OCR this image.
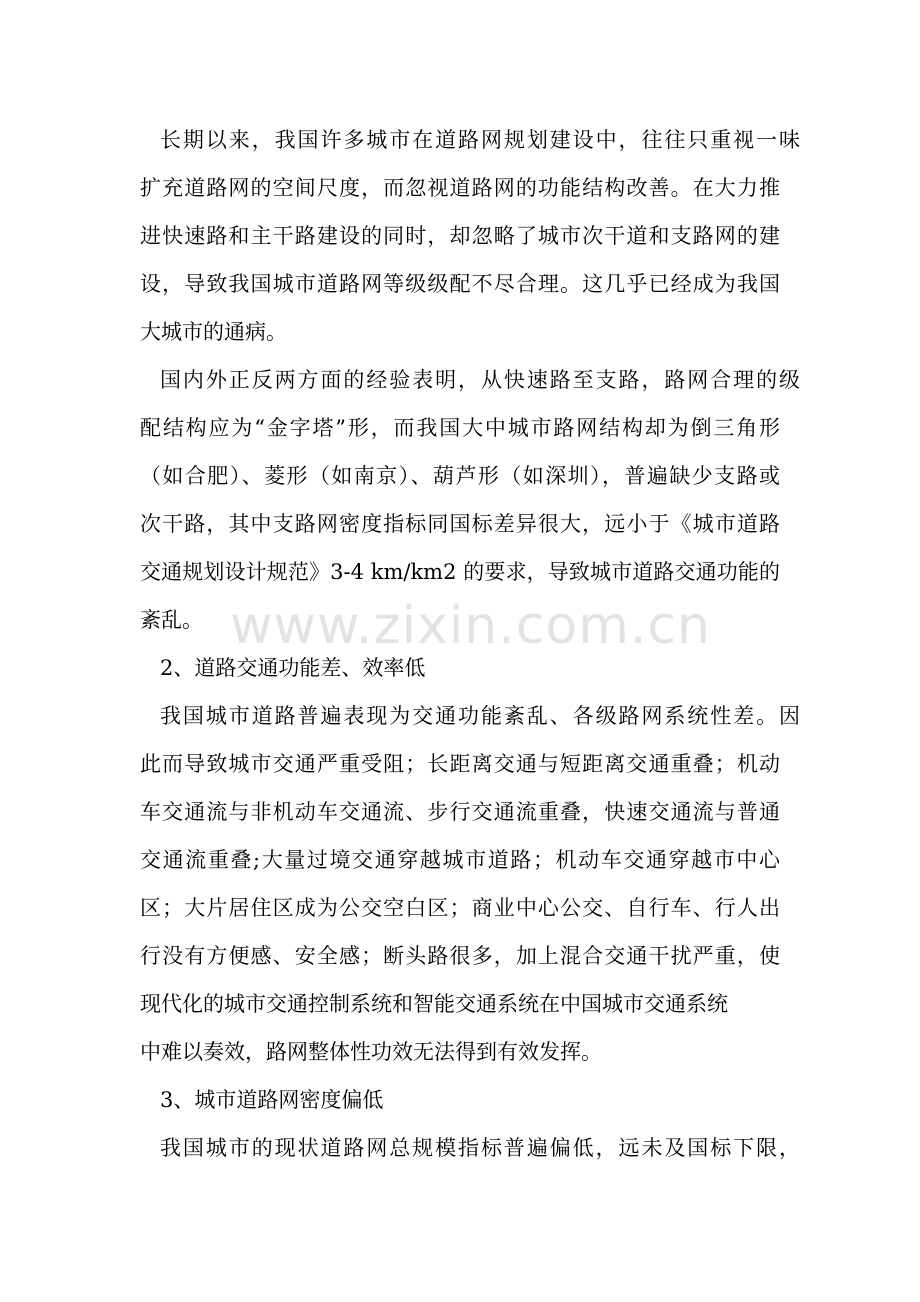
长期以来，我国许多城市在道路网规划建设中，往往只重视一味
扩充道路网的空间尺度，而忽视道路网的功能结构改善。在大力推
进快速路和主干路建设的同时，却忽略了城市次干道和支路网的建
设，导致我国城市道路网等级级配不尽合理。这几乎已经成为我国
大城市的通病。
国内外正反两方面的经验表明，从快速路至支路，路网合理的级
配结构应为“金字塔”形，而我国大中城市路网结构却为倒三角形
（如合肥）、菱形（如南京）、葫芦形（如深圳），普遍缺少支路或
次干路，其中支路网密度指标同国标差异很大，远小于《城市道路
交通规划设计规范》3-4 km/km2 的要求，导致城市道路交通功能的
紊乱。
2、道路交通功能差、效率低
我国城市道路普遍表现为交通功能紊乱、各级路网系统性差。因
此而导致城市交通严重受阻；长距离交通与短距离交通重叠；机动
车交通流与非机动车交通流、步行交通流重叠，快速交通流与普通
交通流重叠;大量过境交通穿越城市道路；机动车交通穿越市中心
区；大片居住区成为公交空白区；商业中心公交、自行车、行人出
行没有方便感、安全感；断头路很多，加上混合交通干扰严重，使
现代化的城市交通控制系统和智能交通系统在中国城市交通系统
中难以奏效，路网整体性功效无法得到有效发挥。
3、城市道路网密度偏低
我国城市的现状道路网总规模指标普遍偏低，远未及国标下限，
www.zixin.com.cn
